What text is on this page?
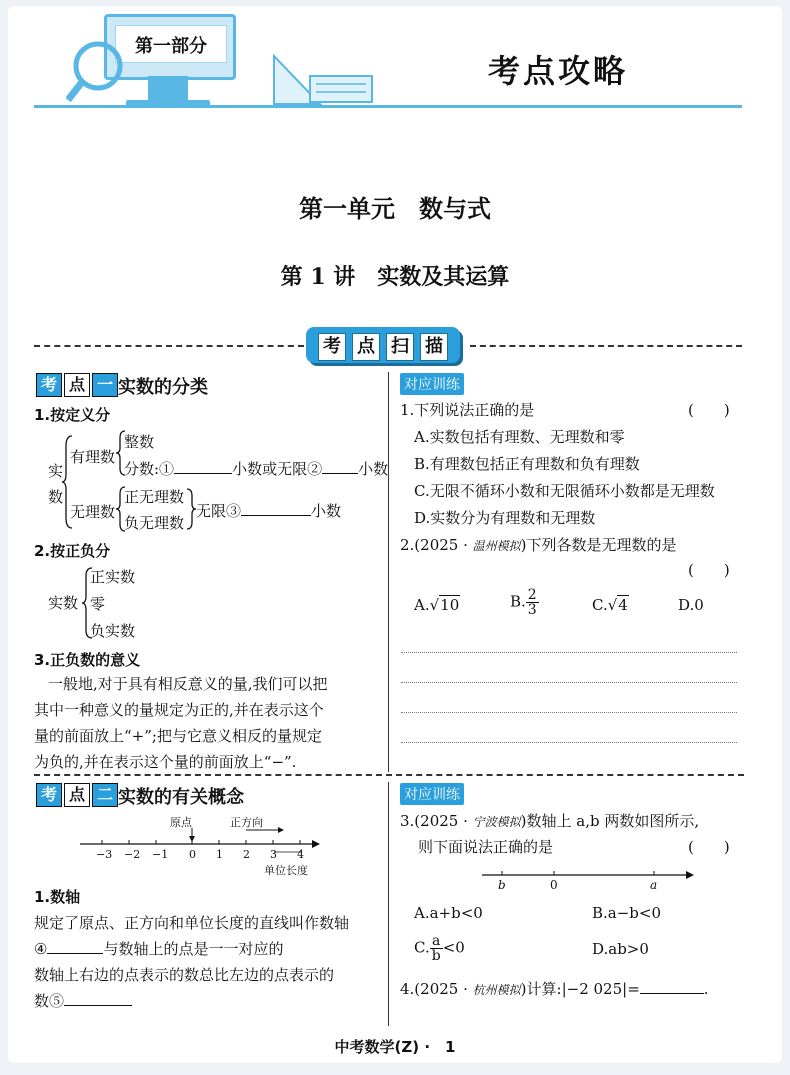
第一部分
考点攻略
第一单元　数与式
第 1 讲　实数及其运算
考 点 扫 描
考 点 一 实数的分类
1.按定义分
实
数
有理数
整数
分数:①	小数或无限② 小数
无理数
正无理数
负无理数
无限③	小数
2.按正负分
实数
正实数
零
负实数
3.正负数的意义
一般地,对于具有相反意义的量,我们可以把
其中一种意义的量规定为正的,并在表示这个
量的前面放上“+”;把与它意义相反的量规定
为负的,并在表示这个量的前面放上“−”.
考 点 二 实数的有关概念
原点	正方向
单位长度
−3 −2 −1 0 1 2 3 4
1.数轴
规定了原点、正方向和单位长度的直线叫作数轴
④	与数轴上的点是一一对应的
数轴上右边的点表示的数总比左边的点表示的
数⑤
对应训练
1.下列说法正确的是	(　　)
A.实数包括有理数、无理数和零
B.有理数包括正有理数和负有理数
C.无限不循环小数和无限循环小数都是无理数
D.实数分为有理数和无理数
2.(2025 · 温州模拟)下列各数是无理数的是
(　　)
A.√10	B. $\frac{2}{3}$	C.√4	D.0
对应训练
3.(2025 · 宁波模拟)数轴上 a,b 两数如图所示,
则下面说法正确的是	(　　)
b	0	a
A.a+b<0	B.a−b<0
C. $\frac{a}{b} <0$	D.ab>0
4.(2025 · 杭州模拟)计算:|−2 025|=	.
中考数学(Z) ·　1
